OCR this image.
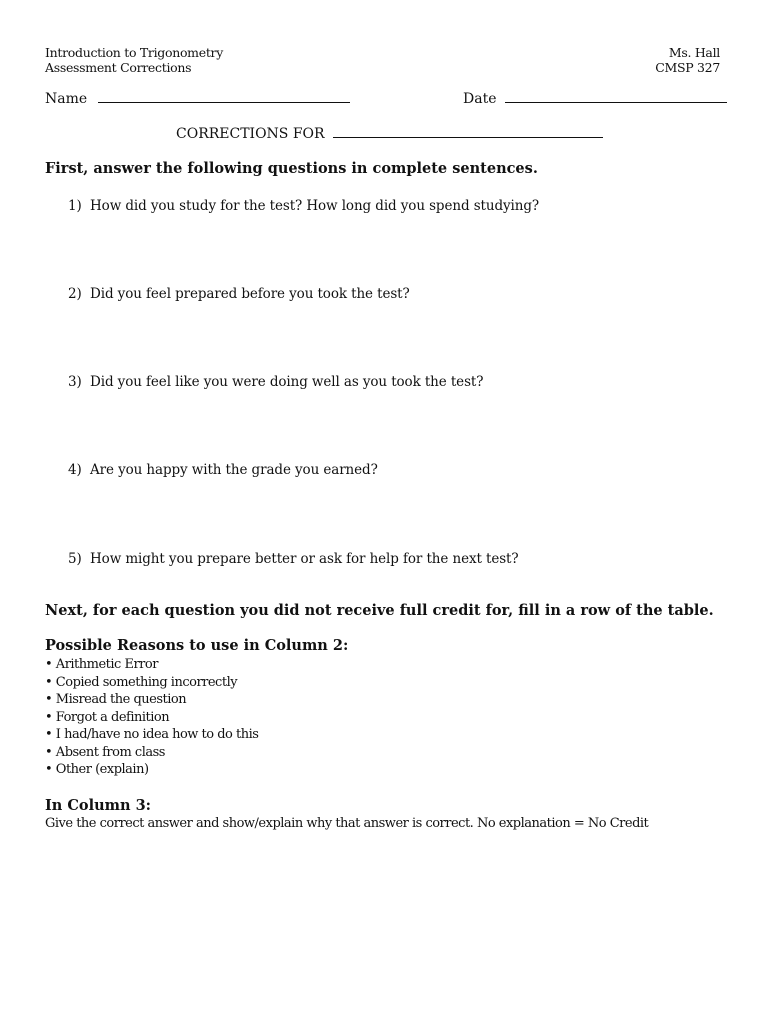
Introduction to Trigonometry
Assessment Corrections
Ms. Hall
CMSP 327
Name	Date
CORRECTIONS FOR
First, answer the following questions in complete sentences.
1) How did you study for the test? How long did you spend studying?
2) Did you feel prepared before you took the test?
3) Did you feel like you were doing well as you took the test?
4) Are you happy with the grade you earned?
5) How might you prepare better or ask for help for the next test?
Next, for each question you did not receive full credit for, fill in a row of the table.
Possible Reasons to use in Column 2:
• Arithmetic Error
• Copied something incorrectly
• Misread the question
• Forgot a definition
• I had/have no idea how to do this
• Absent from class
• Other (explain)
In Column 3:
Give the correct answer and show/explain why that answer is correct. No explanation = No Credit
